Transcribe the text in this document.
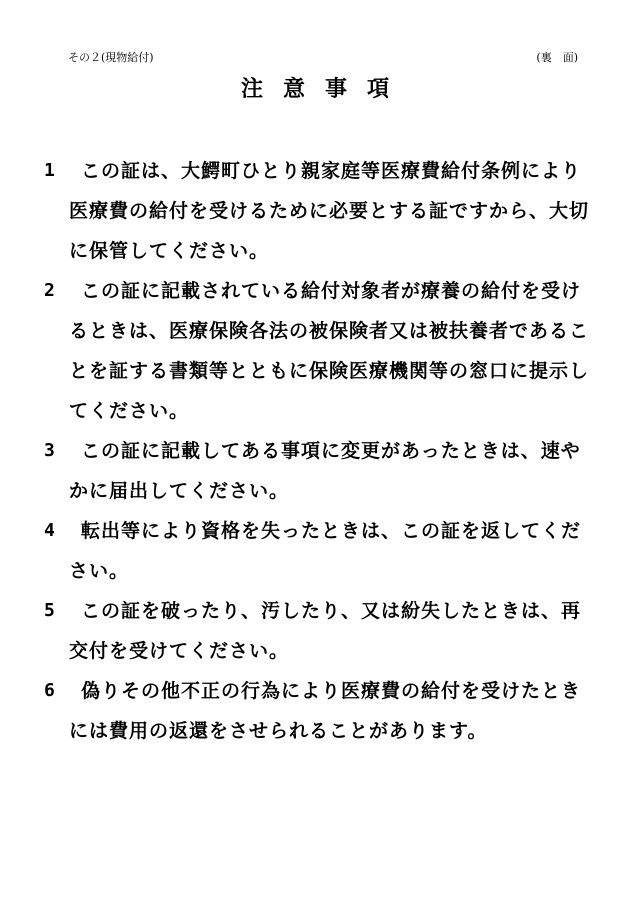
その２(現物給付)	(裏　面)
注意事項
1	この証は、大鰐町ひとり親家庭等医療費給付条例により医療費の給付を受けるために必要とする証ですから、大切に保管してください。
2	この証に記載されている給付対象者が療養の給付を受けるときは、医療保険各法の被保険者又は被扶養者であることを証する書類等とともに保険医療機関等の窓口に提示してください。
3	この証に記載してある事項に変更があったときは、速やかに届出してください。
4	転出等により資格を失ったときは、この証を返してください。
5	この証を破ったり、汚したり、又は紛失したときは、再交付を受けてください。
6	偽りその他不正の行為により医療費の給付を受けたときには費用の返還をさせられることがあります。
